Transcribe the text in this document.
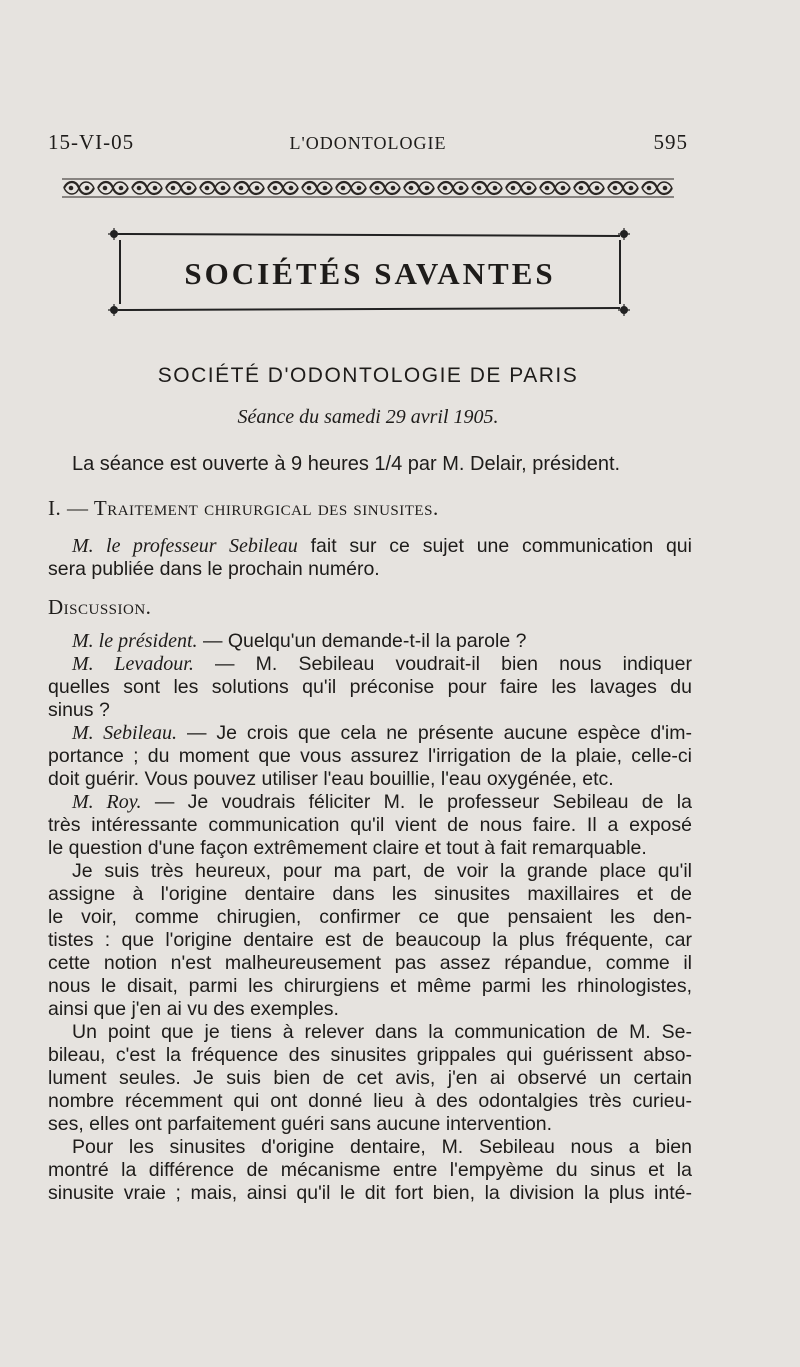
15-VI-05	L'ODONTOLOGIE	595
SOCIÉTÉS SAVANTES
SOCIÉTÉ D'ODONTOLOGIE DE PARIS
Séance du samedi 29 avril 1905.
La séance est ouverte à 9 heures 1/4 par M. Delair, président.
I. — Traitement chirurgical des sinusites.
M. le professeur Sebileau fait sur ce sujet une communication qui
sera publiée dans le prochain numéro.
Discussion.
M. le président. — Quelqu'un demande-t-il la parole ?
M. Levadour. — M. Sebileau voudrait-il bien nous indiquer
quelles sont les solutions qu'il préconise pour faire les lavages du
sinus ?
M. Sebileau. — Je crois que cela ne présente aucune espèce d'im-
portance ; du moment que vous assurez l'irrigation de la plaie, celle-ci
doit guérir. Vous pouvez utiliser l'eau bouillie, l'eau oxygénée, etc.
M. Roy. — Je voudrais féliciter M. le professeur Sebileau de la
très intéressante communication qu'il vient de nous faire. Il a exposé
le question d'une façon extrêmement claire et tout à fait remarquable.
Je suis très heureux, pour ma part, de voir la grande place qu'il
assigne à l'origine dentaire dans les sinusites maxillaires et de
le voir, comme chirugien, confirmer ce que pensaient les den-
tistes : que l'origine dentaire est de beaucoup la plus fréquente, car
cette notion n'est malheureusement pas assez répandue, comme il
nous le disait, parmi les chirurgiens et même parmi les rhinologistes,
ainsi que j'en ai vu des exemples.
Un point que je tiens à relever dans la communication de M. Se-
bileau, c'est la fréquence des sinusites grippales qui guérissent abso-
lument seules. Je suis bien de cet avis, j'en ai observé un certain
nombre récemment qui ont donné lieu à des odontalgies très curieu-
ses, elles ont parfaitement guéri sans aucune intervention.
Pour les sinusites d'origine dentaire, M. Sebileau nous a bien
montré la différence de mécanisme entre l'empyème du sinus et la
sinusite vraie ; mais, ainsi qu'il le dit fort bien, la division la plus inté-
